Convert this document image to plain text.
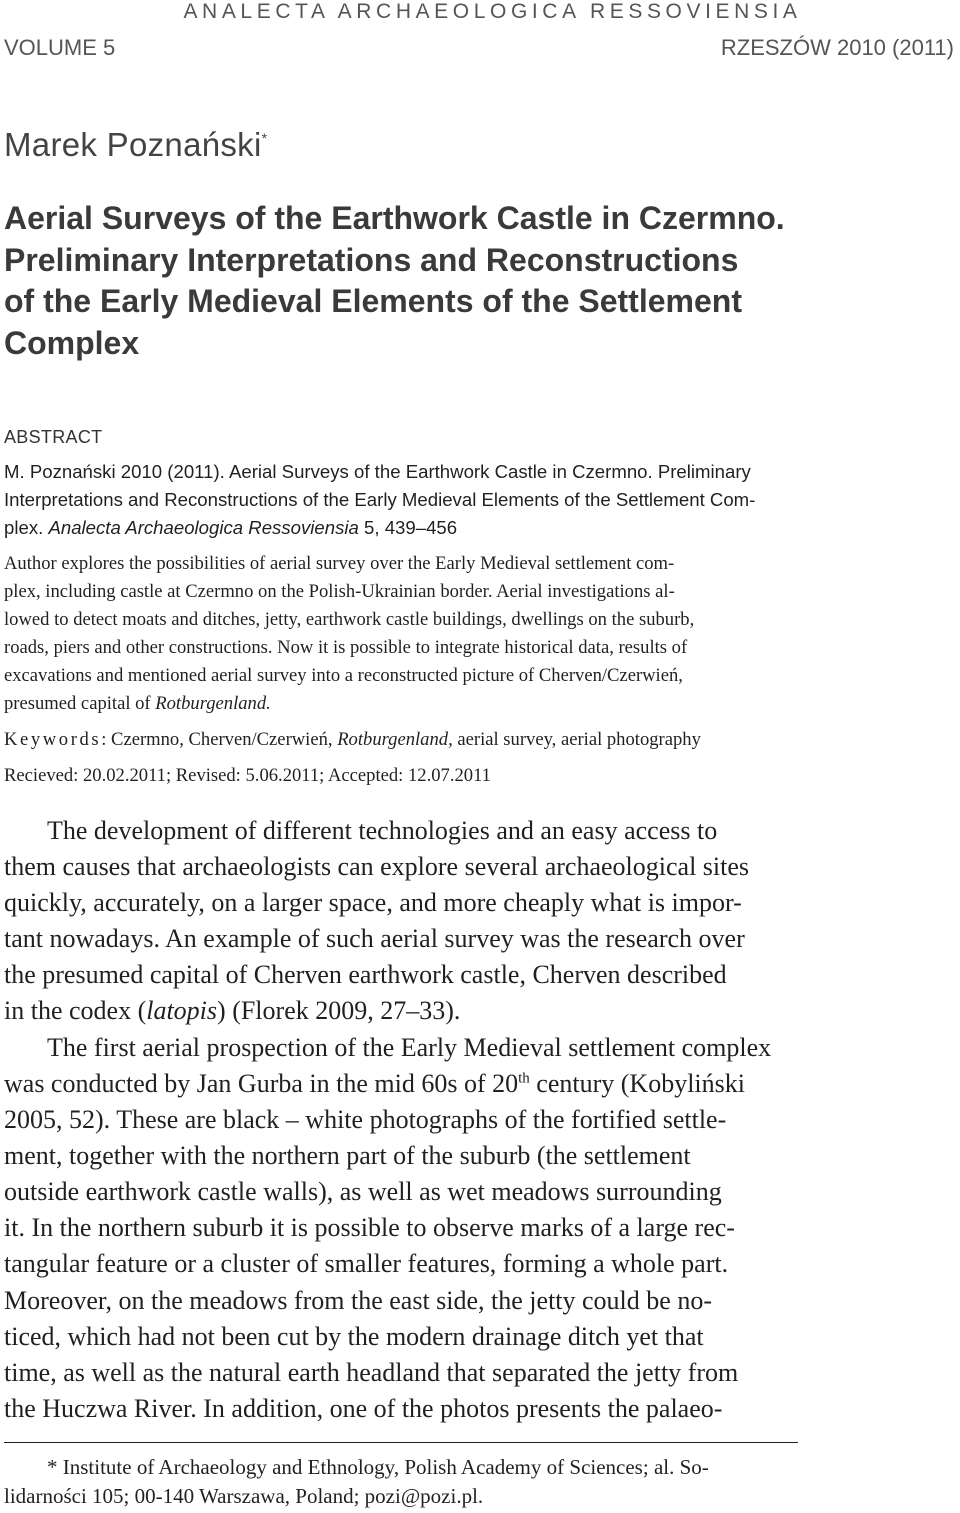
ANALECTA ARCHAEOLOGICA RESSOVIENSIA
VOLUME 5	RZESZÓW 2010 (2011)
Marek Poznański*
Aerial Surveys of the Earthwork Castle in Czermno.
Preliminary Interpretations and Reconstructions
of the Early Medieval Elements of the Settlement
Complex
ABSTRACT
M. Poznański 2010 (2011). Aerial Surveys of the Earthwork Castle in Czermno. Preliminary
Interpretations and Reconstructions of the Early Medieval Elements of the Settlement Com-
plex. Analecta Archaeologica Ressoviensia 5, 439–456
Author explores the possibilities of aerial survey over the Early Medieval settlement com-
plex, including castle at Czermno on the Polish-Ukrainian border. Aerial investigations al-
lowed to detect moats and ditches, jetty, earthwork castle buildings, dwellings on the suburb,
roads, piers and other constructions. Now it is possible to integrate historical data, results of
excavations and mentioned aerial survey into a reconstructed picture of Cherven/Czerwień,
presumed capital of Rotburgenland.
Keywords: Czermno, Cherven/Czerwień, Rotburgenland, aerial survey, aerial photography
Recieved: 20.02.2011; Revised: 5.06.2011; Accepted: 12.07.2011
The development of different technologies and an easy access to
them causes that archaeologists can explore several archaeological sites
quickly, accurately, on a larger space, and more cheaply what is impor-
tant nowadays. An example of such aerial survey was the research over
the presumed capital of Cherven earthwork castle, Cherven described
in the codex (latopis) (Florek 2009, 27–33).
The first aerial prospection of the Early Medieval settlement complex
was conducted by Jan Gurba in the mid 60s of 20th century (Kobyliński
2005, 52). These are black – white photographs of the fortified settle-
ment, together with the northern part of the suburb (the settlement
outside earthwork castle walls), as well as wet meadows surrounding
it. In the northern suburb it is possible to observe marks of a large rec-
tangular feature or a cluster of smaller features, forming a whole part.
Moreover, on the meadows from the east side, the jetty could be no-
ticed, which had not been cut by the modern drainage ditch yet that
time, as well as the natural earth headland that separated the jetty from
the Huczwa River. In addition, one of the photos presents the palaeo-
* Institute of Archaeology and Ethnology, Polish Academy of Sciences; al. So-
lidarności 105; 00-140 Warszawa, Poland; pozi@pozi.pl.
